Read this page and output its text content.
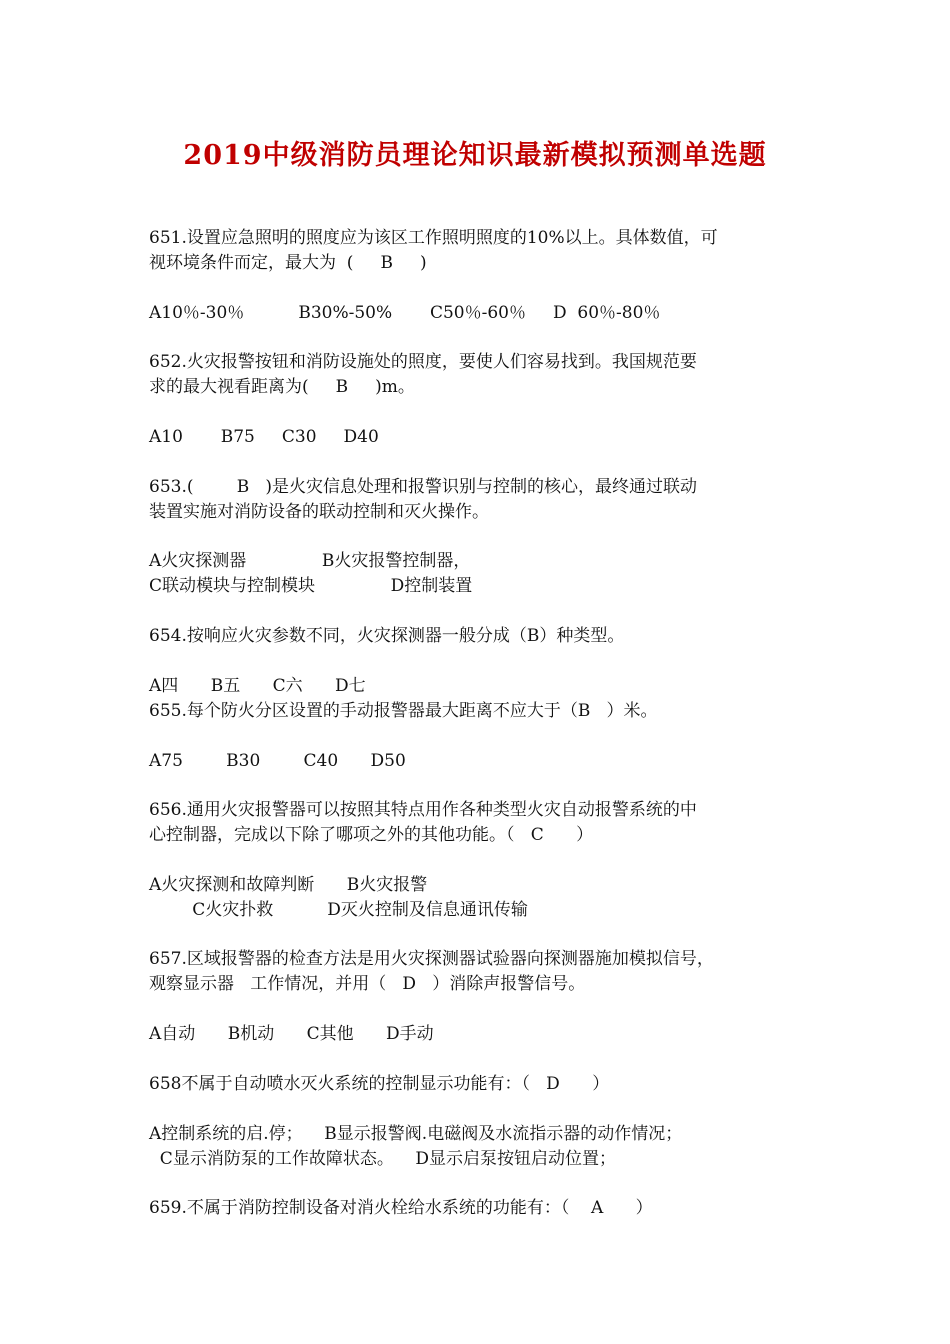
2019中级消防员理论知识最新模拟预测单选题
651.设置应急照明的照度应为该区工作照明照度的10%以上。具体数值，可
视环境条件而定，最大为  (     B     )
A10％-30％          B30%-50%       C50％-60％     D  60％-80％
652.火灾报警按钮和消防设施处的照度，要使人们容易找到。我国规范要
求的最大视看距离为(     B     )m。
A10       B75     C30     D40
653.(        B   )是火灾信息处理和报警识别与控制的核心，最终通过联动
装置实施对消防设备的联动控制和灭火操作。
A火灾探测器              B火灾报警控制器，
C联动模块与控制模块              D控制装置
654.按响应火灾参数不同，火灾探测器一般分成（B）种类型。
A四      B五      C六      D七
655.每个防火分区设置的手动报警器最大距离不应大于（B   ）米。
A75        B30        C40      D50
656.通用火灾报警器可以按照其特点用作各种类型火灾自动报警系统的中
心控制器，完成以下除了哪项之外的其他功能。（   C      ）
A火灾探测和故障判断      B火灾报警
C火灾扑救          D灭火控制及信息通讯传输
657.区域报警器的检查方法是用火灾探测器试验器向探测器施加模拟信号，
观察显示器   工作情况，并用（   D   ）消除声报警信号。
A自动      B机动      C其他      D手动
658不属于自动喷水灭火系统的控制显示功能有：（   D      ）
A控制系统的启.停；    B显示报警阀.电磁阀及水流指示器的动作情况；
C显示消防泵的工作故障状态。    D显示启泵按钮启动位置；
659.不属于消防控制设备对消火栓给水系统的功能有：（    A      ）
